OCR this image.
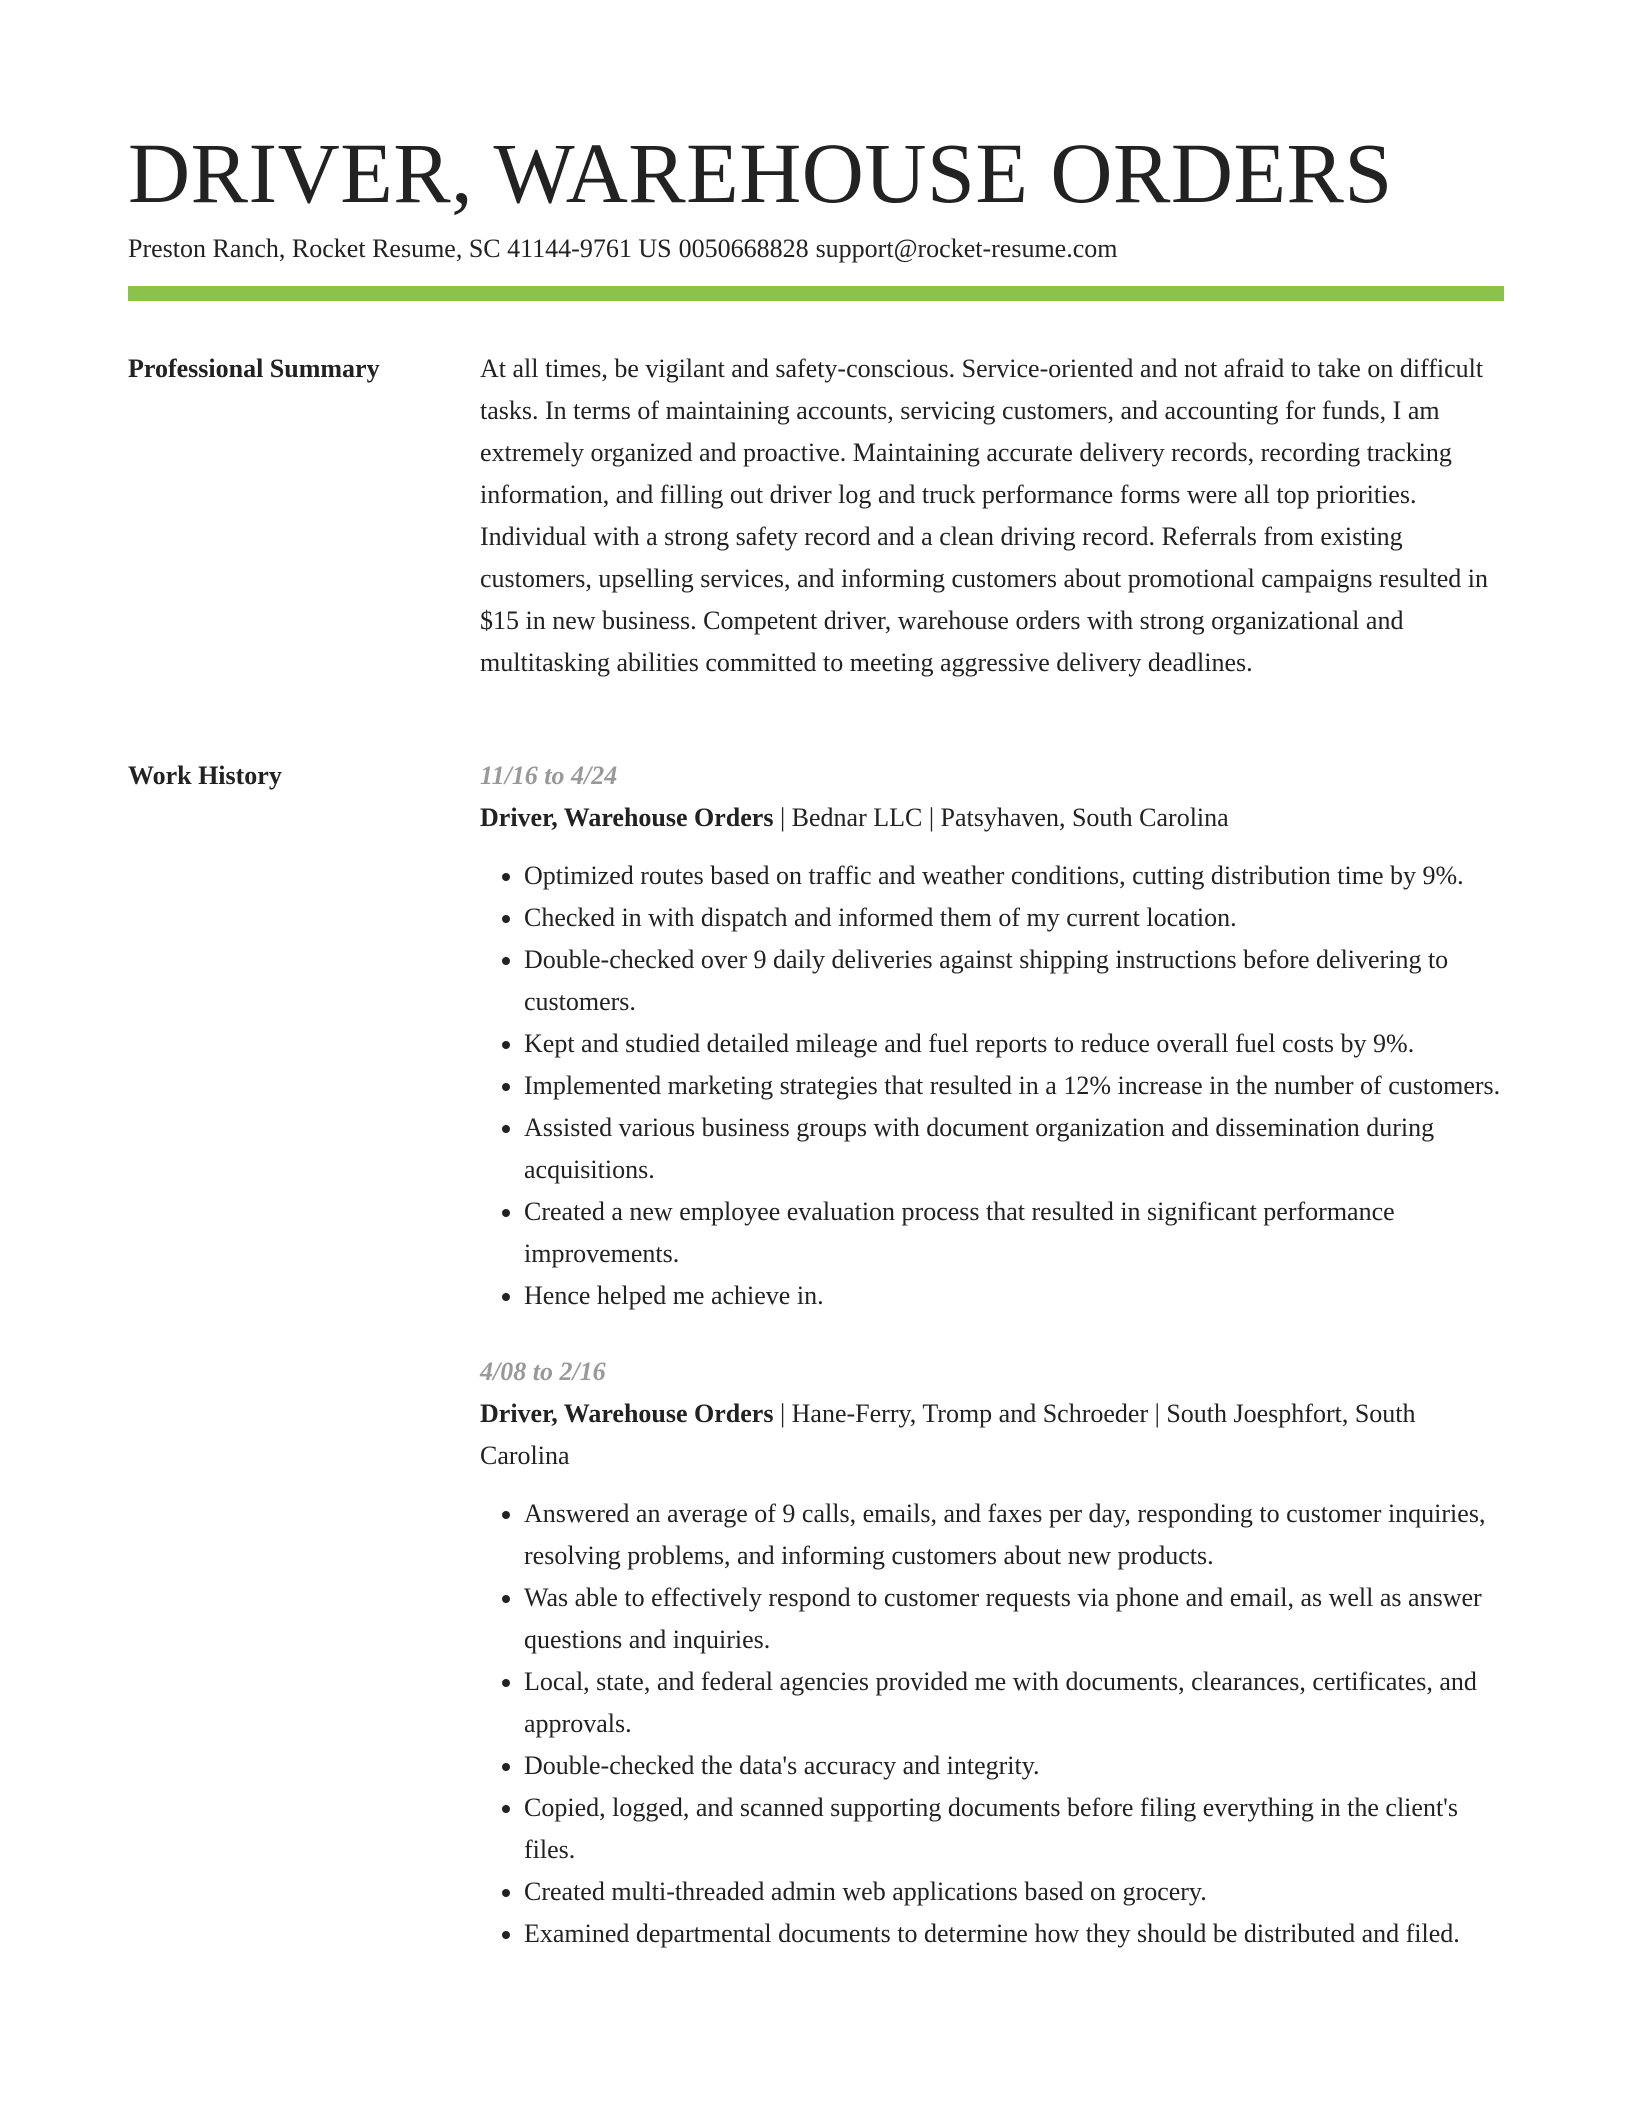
DRIVER, WAREHOUSE ORDERS
Preston Ranch, Rocket Resume, SC 41144-9761 US 0050668828 support@rocket-resume.com
Professional Summary	At all times, be vigilant and safety-conscious. Service-oriented and not afraid to take on difficult tasks. In terms of maintaining accounts, servicing customers, and accounting for funds, I am extremely organized and proactive. Maintaining accurate delivery records, recording tracking information, and filling out driver log and truck performance forms were all top priorities. Individual with a strong safety record and a clean driving record. Referrals from existing customers, upselling services, and informing customers about promotional campaigns resulted in $15 in new business. Competent driver, warehouse orders with strong organizational and multitasking abilities committed to meeting aggressive delivery deadlines.

Work History	11/16 to 4/24
Driver, Warehouse Orders | Bednar LLC | Patsyhaven, South Carolina
• Optimized routes based on traffic and weather conditions, cutting distribution time by 9%.
• Checked in with dispatch and informed them of my current location.
• Double-checked over 9 daily deliveries against shipping instructions before delivering to customers.
• Kept and studied detailed mileage and fuel reports to reduce overall fuel costs by 9%.
• Implemented marketing strategies that resulted in a 12% increase in the number of customers.
• Assisted various business groups with document organization and dissemination during acquisitions.
• Created a new employee evaluation process that resulted in significant performance improvements.
• Hence helped me achieve in.
4/08 to 2/16
Driver, Warehouse Orders | Hane-Ferry, Tromp and Schroeder | South Joesphfort, South Carolina
• Answered an average of 9 calls, emails, and faxes per day, responding to customer inquiries, resolving problems, and informing customers about new products.
• Was able to effectively respond to customer requests via phone and email, as well as answer questions and inquiries.
• Local, state, and federal agencies provided me with documents, clearances, certificates, and approvals.
• Double-checked the data's accuracy and integrity.
• Copied, logged, and scanned supporting documents before filing everything in the client's files.
• Created multi-threaded admin web applications based on grocery.
• Examined departmental documents to determine how they should be distributed and filed.
